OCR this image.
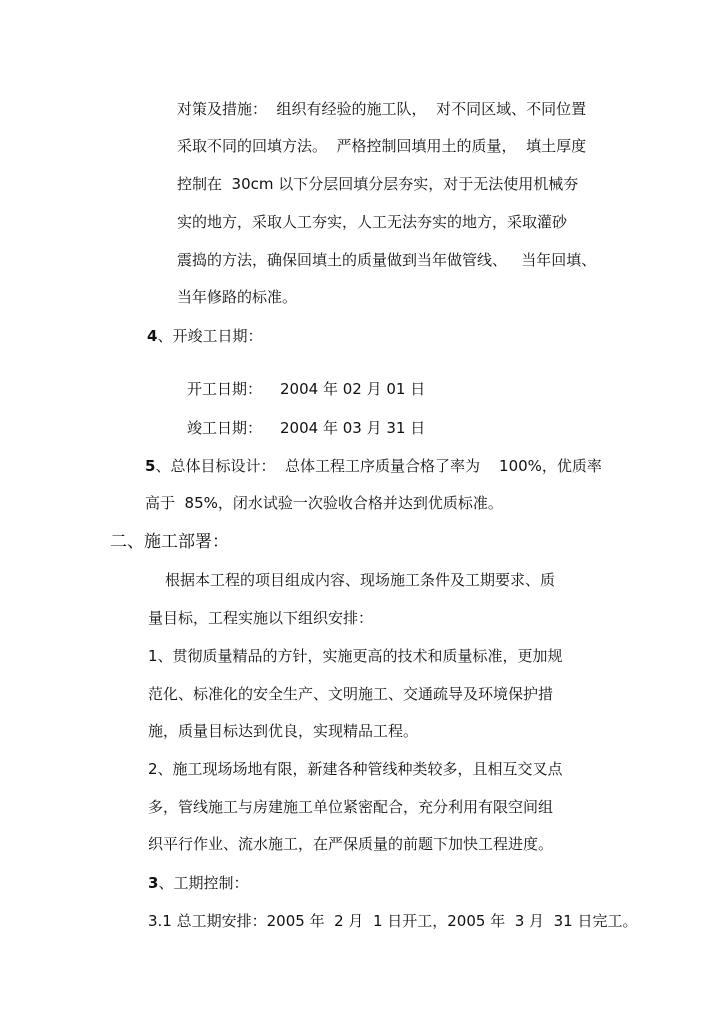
对策及措施：  组织有经验的施工队，  对不同区域、不同位置
采取不同的回填方法。  严格控制回填用土的质量，  填土厚度
控制在  30cm 以下分层回填分层夯实，对于无法使用机械夯
实的地方，采取人工夯实，人工无法夯实的地方，采取灌砂
震捣的方法，确保回填土的质量做到当年做管线、   当年回填、
当年修路的标准。
4、开竣工日期：
开工日期： 2004 年 02 月 01 日
竣工日期： 2004 年 03 月 31 日
5、总体目标设计：  总体工程工序质量合格了率为    100%，优质率
高于  85%，闭水试验一次验收合格并达到优质标准。
二、施工部署：
根据本工程的项目组成内容、现场施工条件及工期要求、质
量目标，工程实施以下组织安排：
1、贯彻质量精品的方针，实施更高的技术和质量标准，更加规
范化、标准化的安全生产、文明施工、交通疏导及环境保护措
施，质量目标达到优良，实现精品工程。
2、施工现场场地有限，新建各种管线种类较多，且相互交叉点
多，管线施工与房建施工单位紧密配合，充分利用有限空间组
织平行作业、流水施工，在严保质量的前题下加快工程进度。
3、工期控制：
3.1 总工期安排：2005 年  2 月  1 日开工，2005 年  3 月  31 日完工。
